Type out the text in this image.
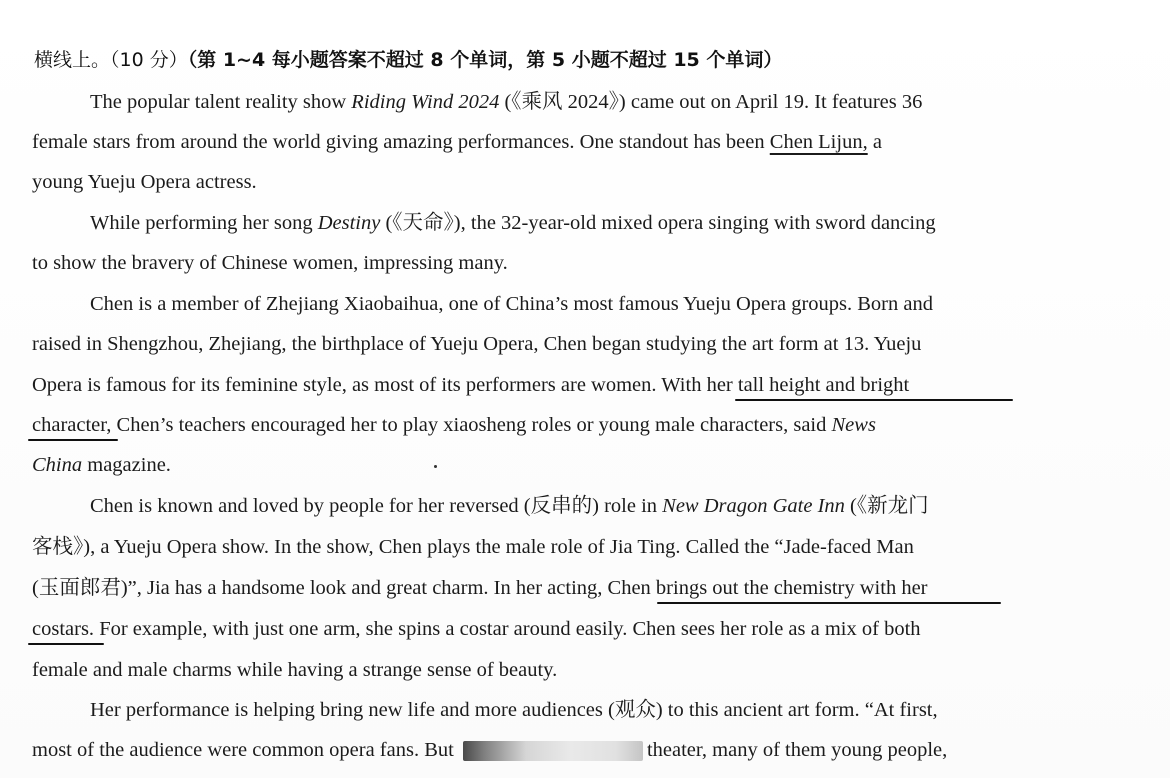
横线上。（10 分）（第 1~4 每小题答案不超过 8 个单词，第 5 小题不超过 15 个单词）
The popular talent reality show Riding Wind 2024 (《乘风 2024》) came out on April 19. It features 36
female stars from around the world giving amazing performances. One standout has been Chen Lijun, a
young Yueju Opera actress.
While performing her song Destiny (《天命》), the 32-year-old mixed opera singing with sword dancing
to show the bravery of Chinese women, impressing many.
Chen is a member of Zhejiang Xiaobaihua, one of China’s most famous Yueju Opera groups. Born and
raised in Shengzhou, Zhejiang, the birthplace of Yueju Opera, Chen began studying the art form at 13. Yueju
Opera is famous for its feminine style, as most of its performers are women. With her tall height and bright
character, Chen’s teachers encouraged her to play xiaosheng roles or young male characters, said News
China magazine.
Chen is known and loved by people for her reversed (反串的) role in New Dragon Gate Inn (《新龙门
客栈》), a Yueju Opera show. In the show, Chen plays the male role of Jia Ting. Called the “Jade-faced Man
(玉面郎君)”, Jia has a handsome look and great charm. In her acting, Chen brings out the chemistry with her
costars. For example, with just one arm, she spins a costar around easily. Chen sees her role as a mix of both
female and male charms while having a strange sense of beauty.
Her performance is helping bring new life and more audiences (观众) to this ancient art form. “At first,
most of the audience were common opera fans. But	theater, many of them young people,
